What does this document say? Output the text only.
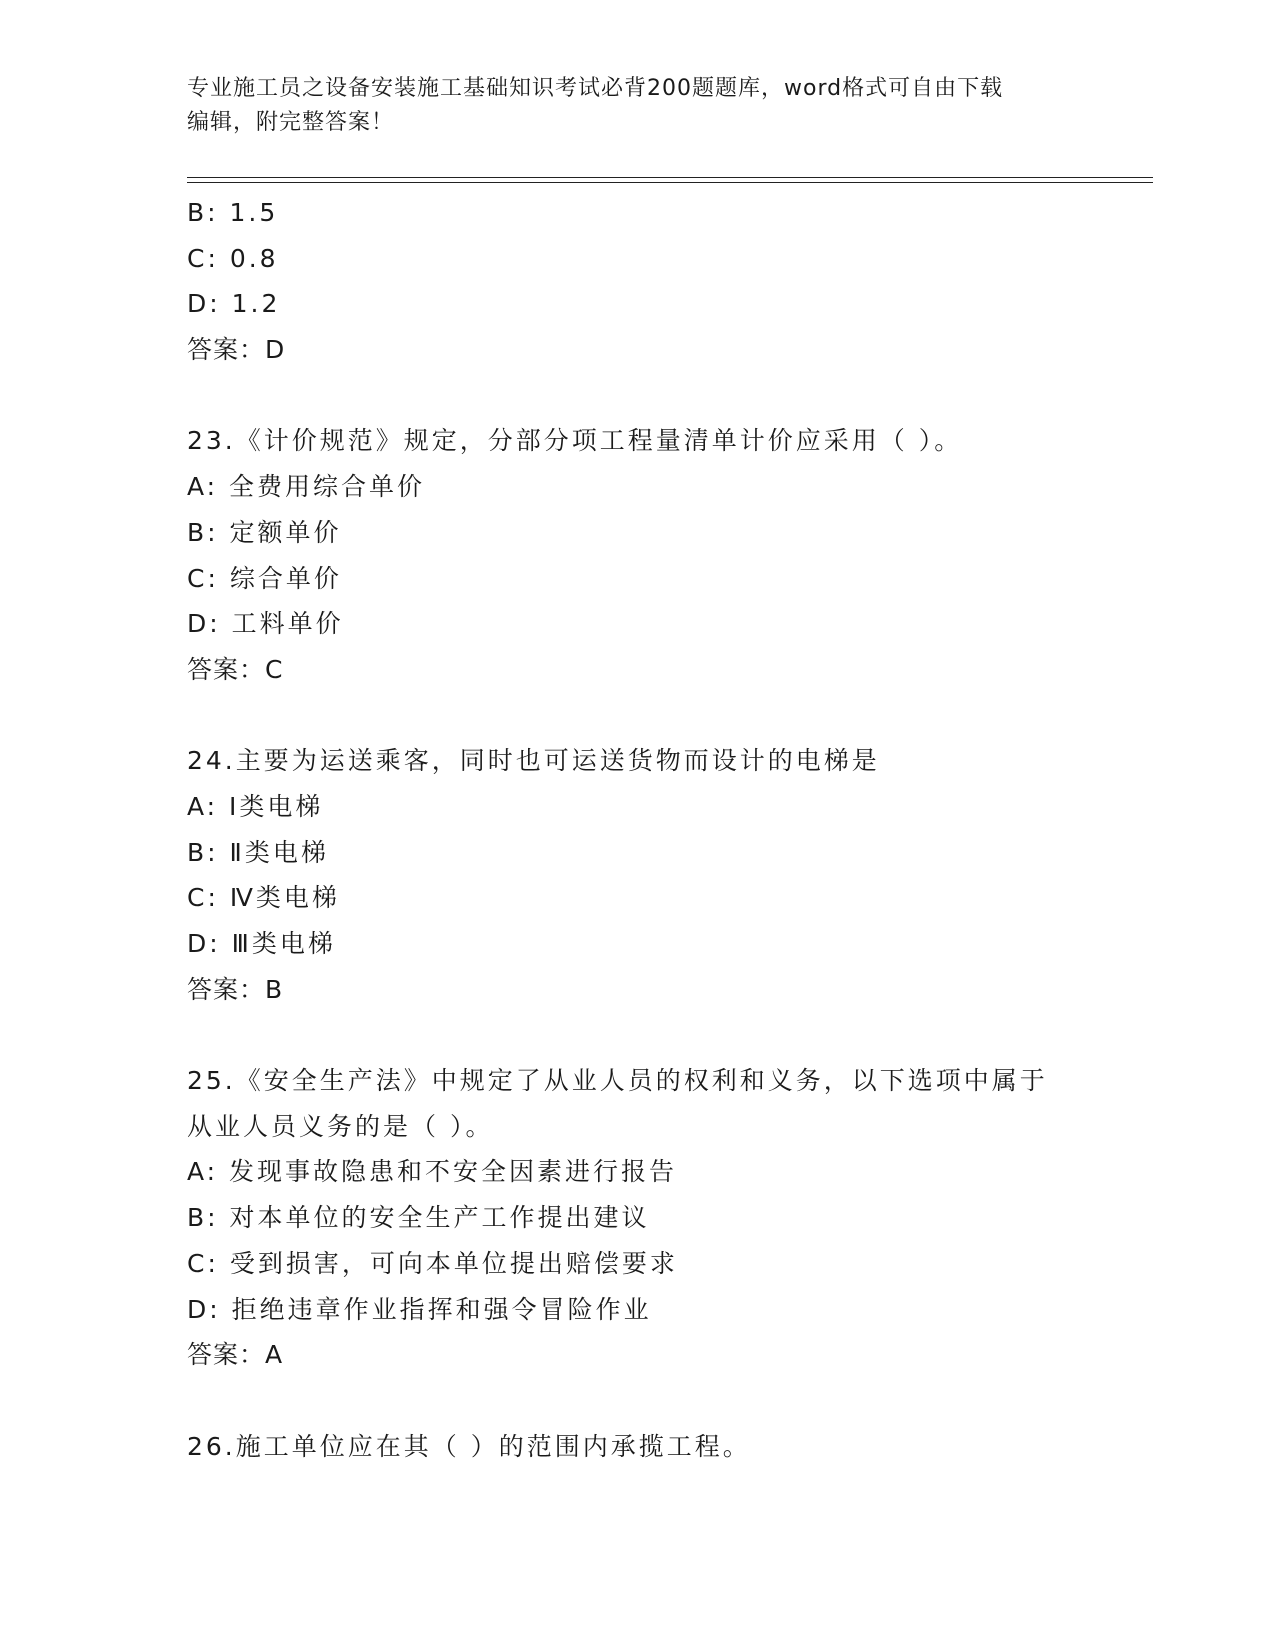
专业施工员之设备安装施工基础知识考试必背200题题库，word格式可自由下载
编辑，附完整答案！
B: 1.5
C: 0.8
D: 1.2
答案：D
23.《计价规范》规定，分部分项工程量清单计价应采用（ ）。
A: 全费用综合单价
B: 定额单价
C: 综合单价
D: 工料单价
答案：C
24.主要为运送乘客，同时也可运送货物而设计的电梯是
A: Ⅰ类电梯
B: Ⅱ类电梯
C: Ⅳ类电梯
D: Ⅲ类电梯
答案：B
25.《安全生产法》中规定了从业人员的权利和义务，以下选项中属于
从业人员义务的是（ ）。
A: 发现事故隐患和不安全因素进行报告
B: 对本单位的安全生产工作提出建议
C: 受到损害，可向本单位提出赔偿要求
D: 拒绝违章作业指挥和强令冒险作业
答案：A
26.施工单位应在其（ ）的范围内承揽工程。
